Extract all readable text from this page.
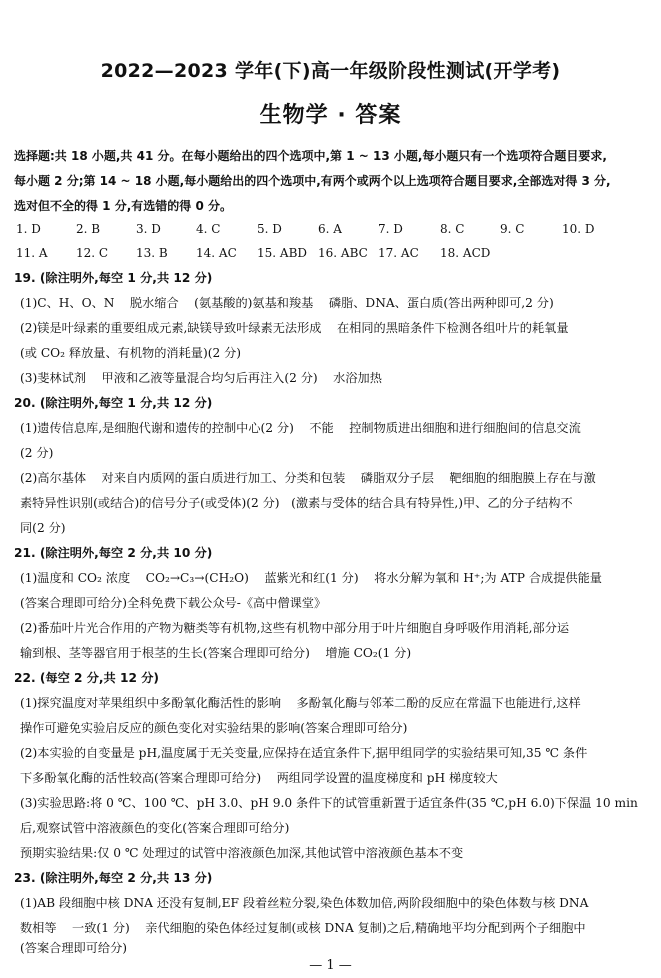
2022—2023 学年(下)高一年级阶段性测试(开学考)
生物学 · 答案
选择题:共 18 小题,共 41 分。在每小题给出的四个选项中,第 1 ~ 13 小题,每小题只有一个选项符合题目要求,
每小题 2 分;第 14 ~ 18 小题,每小题给出的四个选项中,有两个或两个以上选项符合题目要求,全部选对得 3 分,
选对但不全的得 1 分,有选错的得 0 分。
1. D	2. B	3. D	4. C	5. D	6. A	7. D	8. C	9. C	10. D
11. A 12. C 13. B 14. AC 15. ABD 16. ABC 17. AC 18. ACD
19. (除注明外,每空 1 分,共 12 分)
(1)C、H、O、N    脱水缩合    (氨基酸的)氨基和羧基    磷脂、DNA、蛋白质(答出两种即可,2 分)
(2)镁是叶绿素的重要组成元素,缺镁导致叶绿素无法形成    在相同的黑暗条件下检测各组叶片的耗氧量
(或 CO₂ 释放量、有机物的消耗量)(2 分)
(3)斐林试剂    甲液和乙液等量混合均匀后再注入(2 分)    水浴加热
20. (除注明外,每空 1 分,共 12 分)
(1)遗传信息库,是细胞代谢和遗传的控制中心(2 分)    不能    控制物质进出细胞和进行细胞间的信息交流
(2 分)
(2)高尔基体    对来自内质网的蛋白质进行加工、分类和包装    磷脂双分子层    靶细胞的细胞膜上存在与激
素特异性识别(或结合)的信号分子(或受体)(2 分)   (激素与受体的结合具有特异性,)甲、乙的分子结构不
同(2 分)
21. (除注明外,每空 2 分,共 10 分)
(1)温度和 CO₂ 浓度    CO₂→C₃→(CH₂O)    蓝紫光和红(1 分)    将水分解为氧和 H⁺;为 ATP 合成提供能量
(答案合理即可给分)全科免费下载公众号-《高中僧课堂》
(2)番茄叶片光合作用的产物为糖类等有机物,这些有机物中部分用于叶片细胞自身呼吸作用消耗,部分运
输到根、茎等器官用于根茎的生长(答案合理即可给分)    增施 CO₂(1 分)
22. (每空 2 分,共 12 分)
(1)探究温度对苹果组织中多酚氧化酶活性的影响    多酚氧化酶与邻苯二酚的反应在常温下也能进行,这样
操作可避免实验启反应的颜色变化对实验结果的影响(答案合理即可给分)
(2)本实验的自变量是 pH,温度属于无关变量,应保持在适宜条件下,据甲组同学的实验结果可知,35 ℃ 条件
下多酚氧化酶的活性较高(答案合理即可给分)    两组同学设置的温度梯度和 pH 梯度较大
(3)实验思路:将 0 ℃、100 ℃、pH 3.0、pH 9.0 条件下的试管重新置于适宜条件(35 ℃,pH 6.0)下保温 10 min
后,观察试管中溶液颜色的变化(答案合理即可给分)
预期实验结果:仅 0 ℃ 处理过的试管中溶液颜色加深,其他试管中溶液颜色基本不变
23. (除注明外,每空 2 分,共 13 分)
(1)AB 段细胞中核 DNA 还没有复制,EF 段着丝粒分裂,染色体数加倍,两阶段细胞中的染色体数与核 DNA
数相等    一致(1 分)    亲代细胞的染色体经过复制(或核 DNA 复制)之后,精确地平均分配到两个子细胞中
(答案合理即可给分)
— 1 —
